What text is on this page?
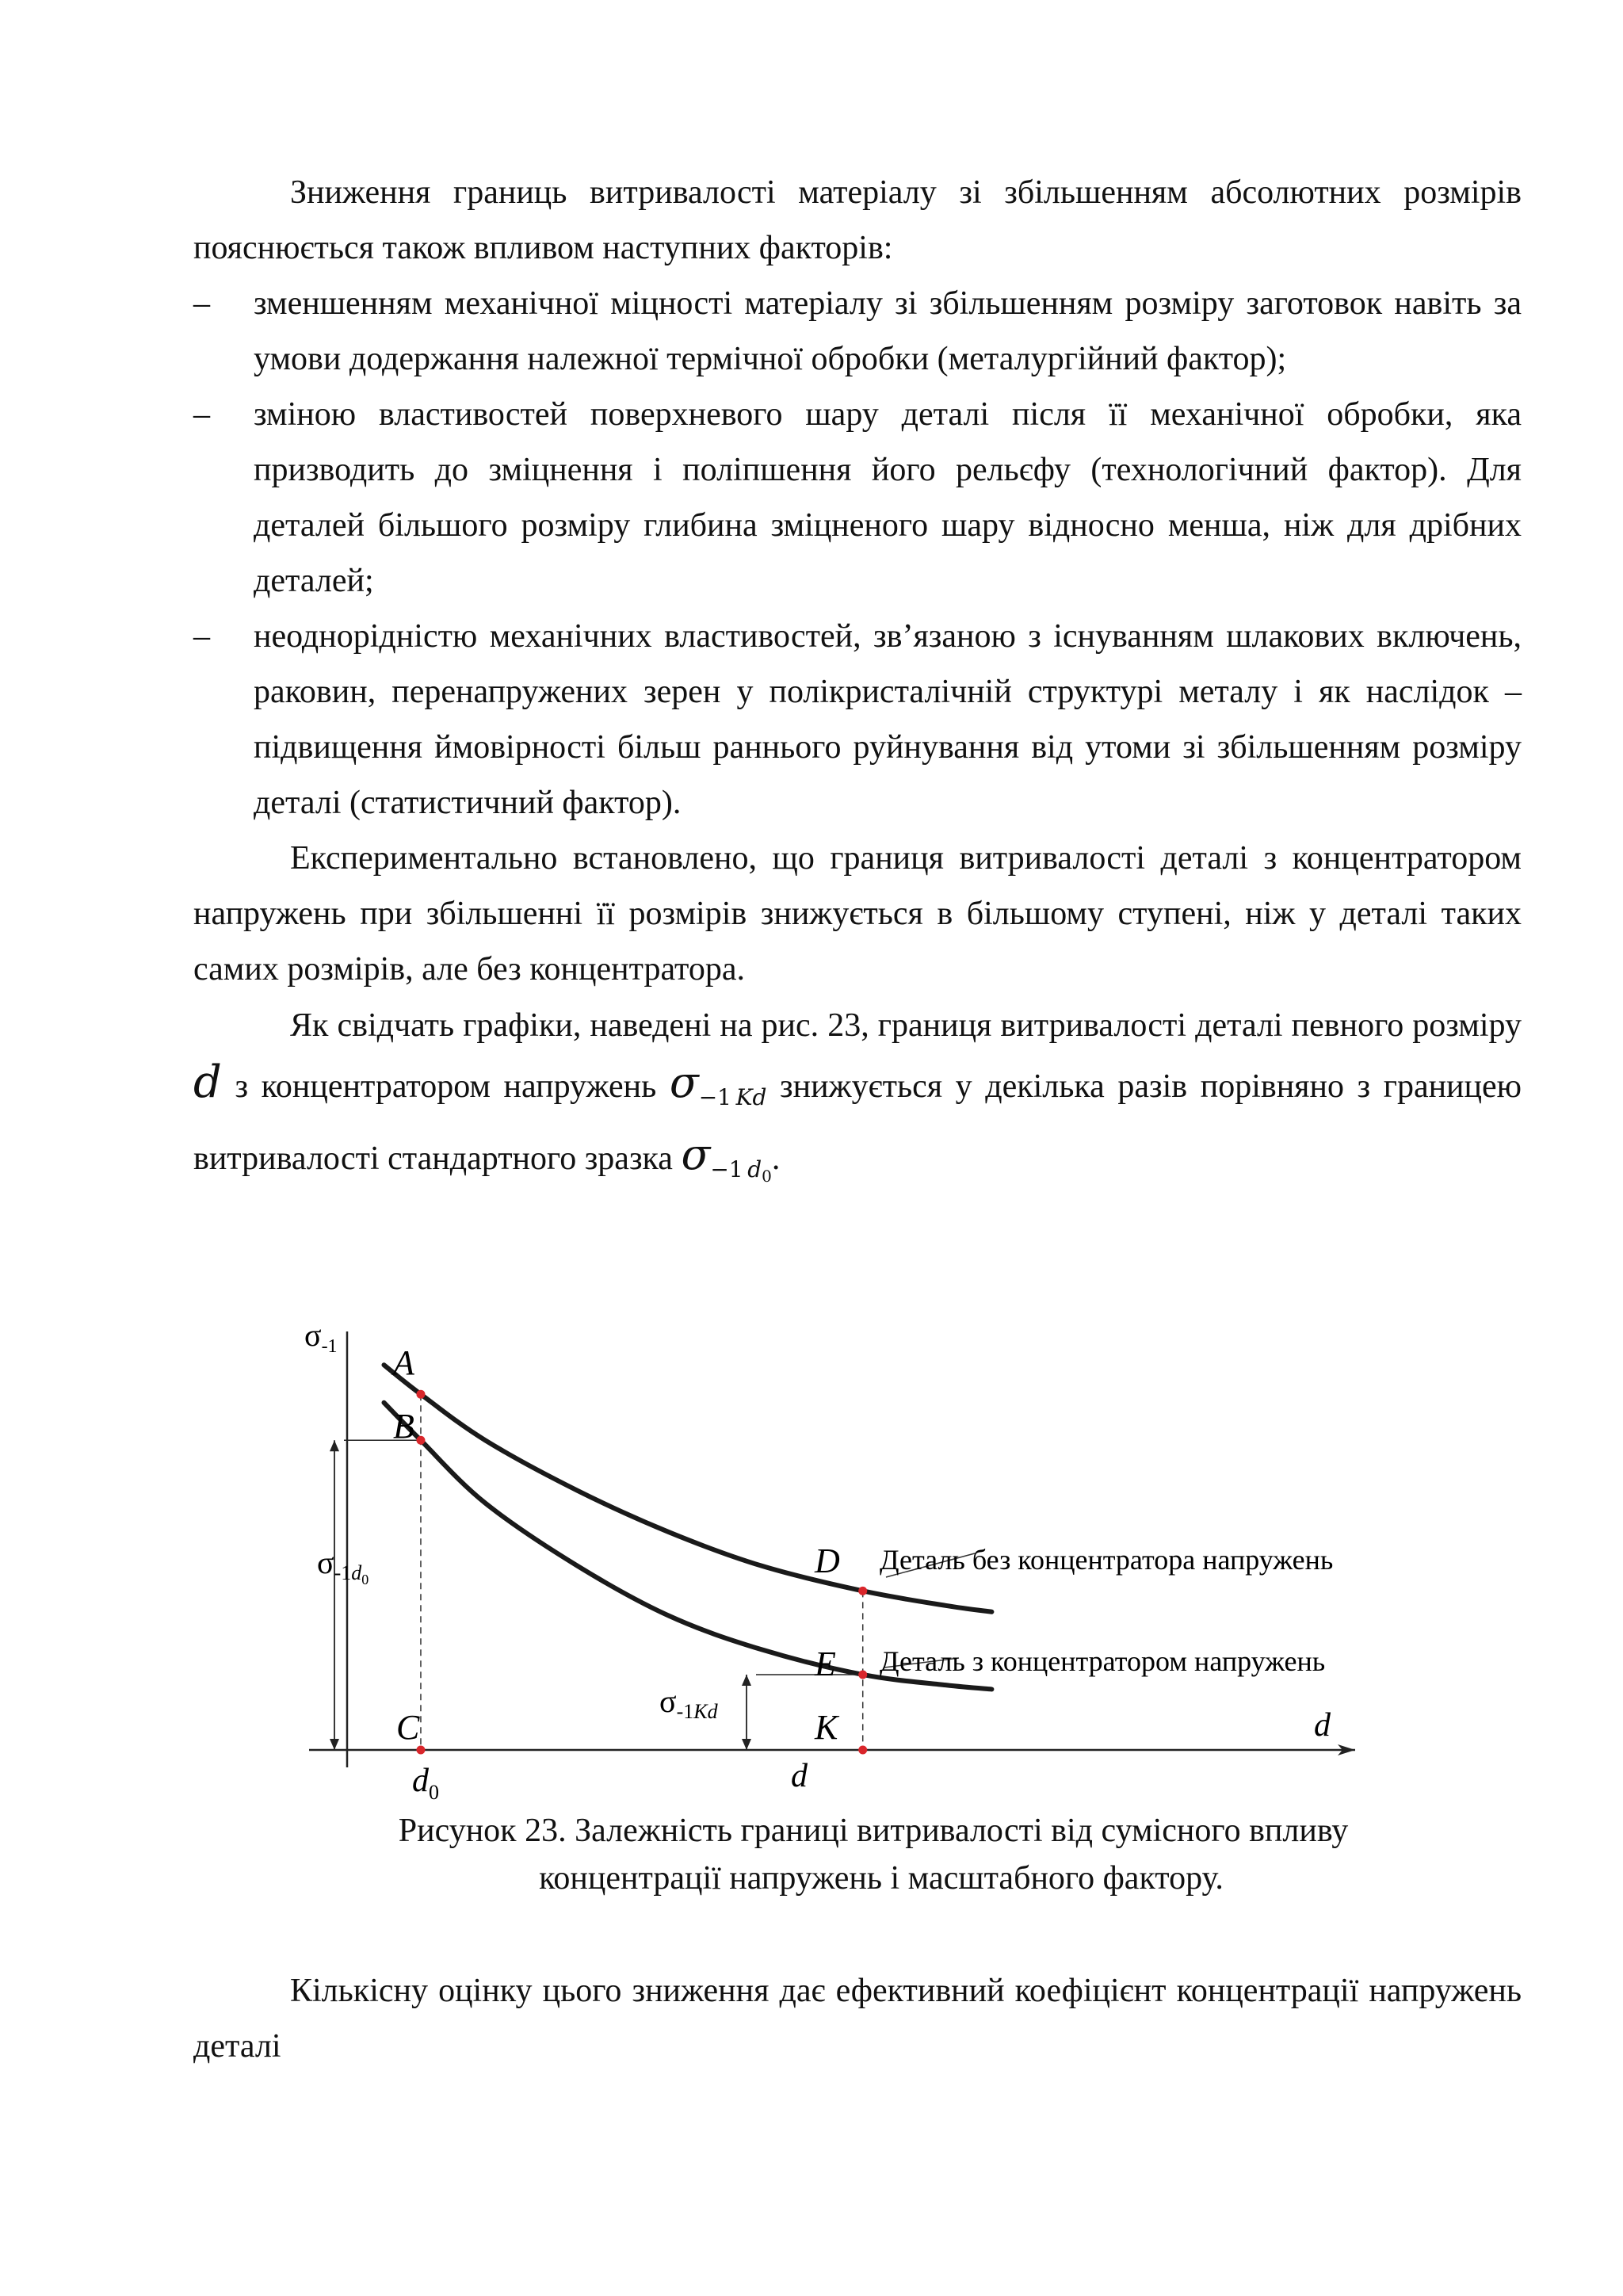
Зниження границь витривалості матеріалу зі збільшенням абсолютних розмірів пояснюється також впливом наступних факторів:

– зменшенням механічної міцності матеріалу зі збільшенням розміру заготовок навіть за умови додержання належної термічної обробки (металургійний фактор);
– зміною властивостей поверхневого шару деталі після її механічної обробки, яка призводить до зміцнення і поліпшення його рельєфу (технологічний фактор). Для деталей більшого розміру глибина зміцненого шару відносно менша, ніж для дрібних деталей;
– неоднорідністю механічних властивостей, зв’язаною з існуванням шлакових включень, раковин, перенапружених зерен у полікристалічній структурі металу і як наслідок – підвищення ймовірності більш раннього руйнування від утоми зі збільшенням розміру деталі (статистичний фактор).

Експериментально встановлено, що границя витривалості деталі з концентратором напружень при збільшенні її розмірів знижується в більшому ступені, ніж у деталі таких самих розмірів, але без концентратора.

Як свідчать графіки, наведені на рис. 23, границя витривалості деталі певного розміру d з концентратором напружень $\sigma_{-1 Kd}$ знижується у декілька разів порівняно з границею витривалості стандартного зразка $\sigma_{-1 d_0}$.

$\sigma_{-1}$
d
$\sigma_{-1}d0$
$\sigma_{-1}Kd$
A
B
C
D
E
K
$d_0$	d
Деталь без концентратора напружень
Деталь з концентратором напружень
Рисунок 23. Залежність границі витривалості від сумісного впливу
концентрації напружень і масштабного фактору.

Кількісну оцінку цього зниження дає ефективний коефіцієнт концентрації напружень деталі
